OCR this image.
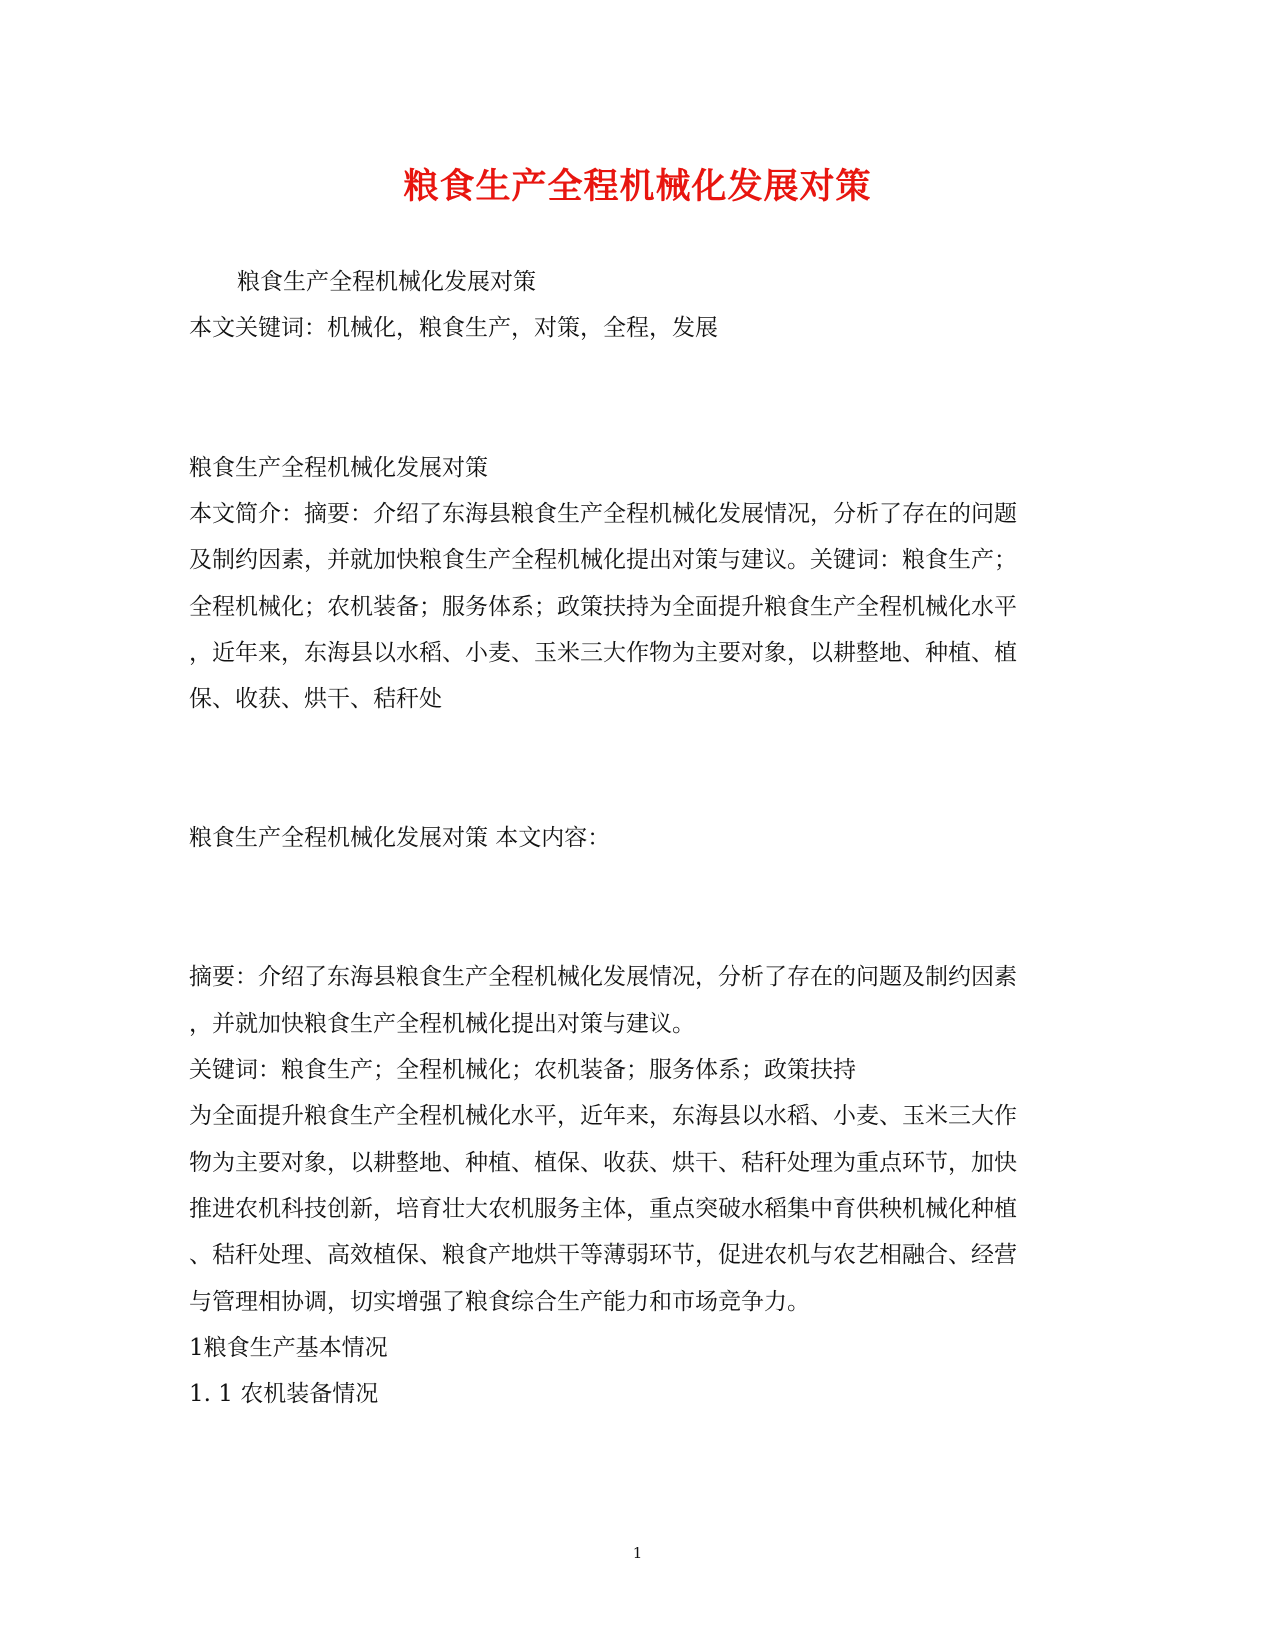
粮食生产全程机械化发展对策
粮食生产全程机械化发展对策
本文关键词：机械化，粮食生产，对策，全程，发展
粮食生产全程机械化发展对策
本文简介：摘要：介绍了东海县粮食生产全程机械化发展情况，分析了存在的问题
及制约因素，并就加快粮食生产全程机械化提出对策与建议。关键词：粮食生产；
全程机械化；农机装备；服务体系；政策扶持为全面提升粮食生产全程机械化水平
，近年来，东海县以水稻、小麦、玉米三大作物为主要对象，以耕整地、种植、植
保、收获、烘干、秸秆处
粮食生产全程机械化发展对策 本文内容：
摘要：介绍了东海县粮食生产全程机械化发展情况，分析了存在的问题及制约因素
，并就加快粮食生产全程机械化提出对策与建议。
关键词：粮食生产；全程机械化；农机装备；服务体系；政策扶持
为全面提升粮食生产全程机械化水平，近年来，东海县以水稻、小麦、玉米三大作
物为主要对象，以耕整地、种植、植保、收获、烘干、秸秆处理为重点环节，加快
推进农机科技创新，培育壮大农机服务主体，重点突破水稻集中育供秧机械化种植
、秸秆处理、高效植保、粮食产地烘干等薄弱环节，促进农机与农艺相融合、经营
与管理相协调，切实增强了粮食综合生产能力和市场竞争力。
1粮食生产基本情况
1. 1 农机装备情况
1
